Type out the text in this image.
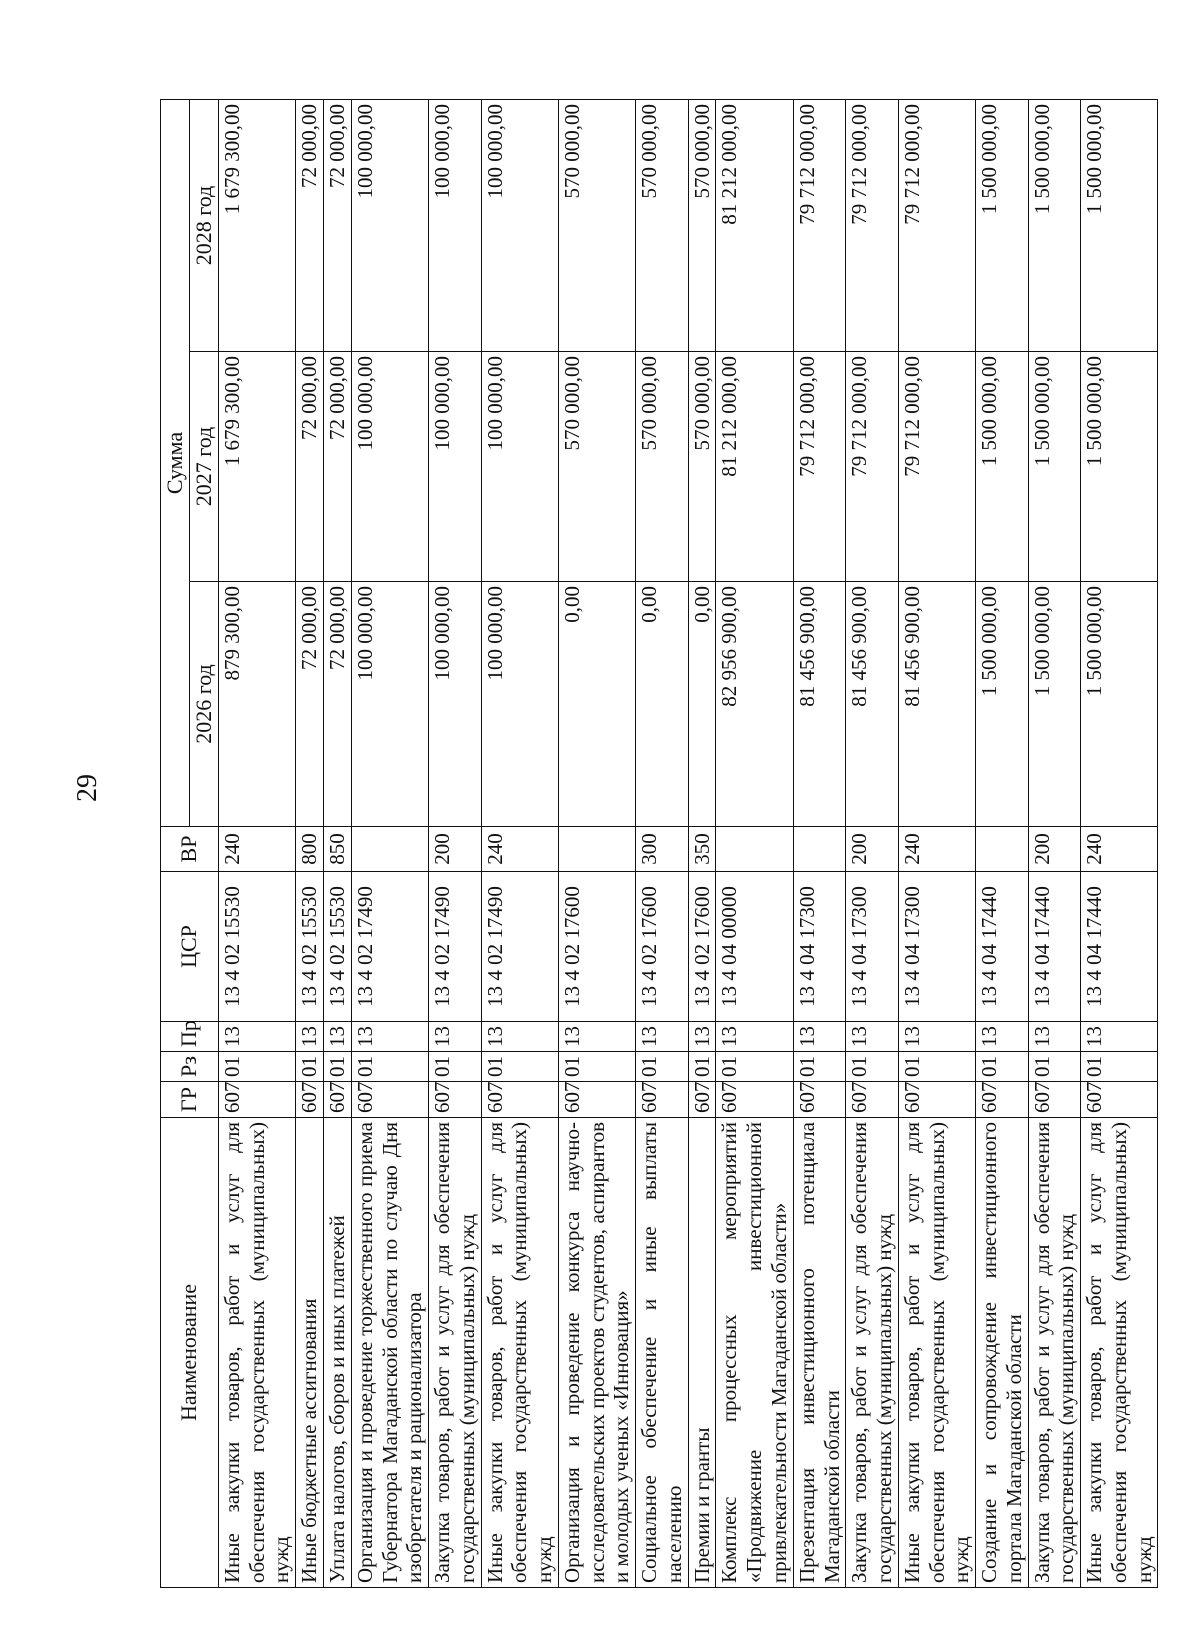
29
Наименование	ГР	Рз	Пр	ЦСР	ВР	Сумма		
						2026 год	2027 год	2028 год
Иные закупки товаров, работ и услуг для обеспечения государственных (муниципальных) нужд	607	01	13	13 4 02 15530	240	879 300,00	1 679 300,00	1 679 300,00
Иные бюджетные ассигнования	607	01	13	13 4 02 15530	800	72 000,00	72 000,00	72 000,00
Уплата налогов, сборов и иных платежей	607	01	13	13 4 02 15530	850	72 000,00	72 000,00	72 000,00
Организация и проведение торжественного приема Губернатора Магаданской области по случаю Дня изобретателя и рационализатора	607	01	13	13 4 02 17490		100 000,00	100 000,00	100 000,00
Закупка товаров, работ и услуг для обеспечения государственных (муниципальных) нужд	607	01	13	13 4 02 17490	200	100 000,00	100 000,00	100 000,00
Иные закупки товаров, работ и услуг для обеспечения государственных (муниципальных) нужд	607	01	13	13 4 02 17490	240	100 000,00	100 000,00	100 000,00
Организация и проведение конкурса научно-исследовательских проектов студентов, аспирантов и молодых ученых «Инновация»	607	01	13	13 4 02 17600		0,00	570 000,00	570 000,00
Социальное обеспечение и иные выплаты населению	607	01	13	13 4 02 17600	300	0,00	570 000,00	570 000,00
Премии и гранты	607	01	13	13 4 02 17600	350	0,00	570 000,00	570 000,00
Комплекс процессных мероприятий «Продвижение инвестиционной привлекательности Магаданской области»	607	01	13	13 4 04 00000		82 956 900,00	81 212 000,00	81 212 000,00
Презентация инвестиционного потенциала Магаданской области	607	01	13	13 4 04 17300		81 456 900,00	79 712 000,00	79 712 000,00
Закупка товаров, работ и услуг для обеспечения государственных (муниципальных) нужд	607	01	13	13 4 04 17300	200	81 456 900,00	79 712 000,00	79 712 000,00
Иные закупки товаров, работ и услуг для обеспечения государственных (муниципальных) нужд	607	01	13	13 4 04 17300	240	81 456 900,00	79 712 000,00	79 712 000,00
Создание и сопровождение инвестиционного портала Магаданской области	607	01	13	13 4 04 17440		1 500 000,00	1 500 000,00	1 500 000,00
Закупка товаров, работ и услуг для обеспечения государственных (муниципальных) нужд	607	01	13	13 4 04 17440	200	1 500 000,00	1 500 000,00	1 500 000,00
Иные закупки товаров, работ и услуг для обеспечения государственных (муниципальных) нужд	607	01	13	13 4 04 17440	240	1 500 000,00	1 500 000,00	1 500 000,00
